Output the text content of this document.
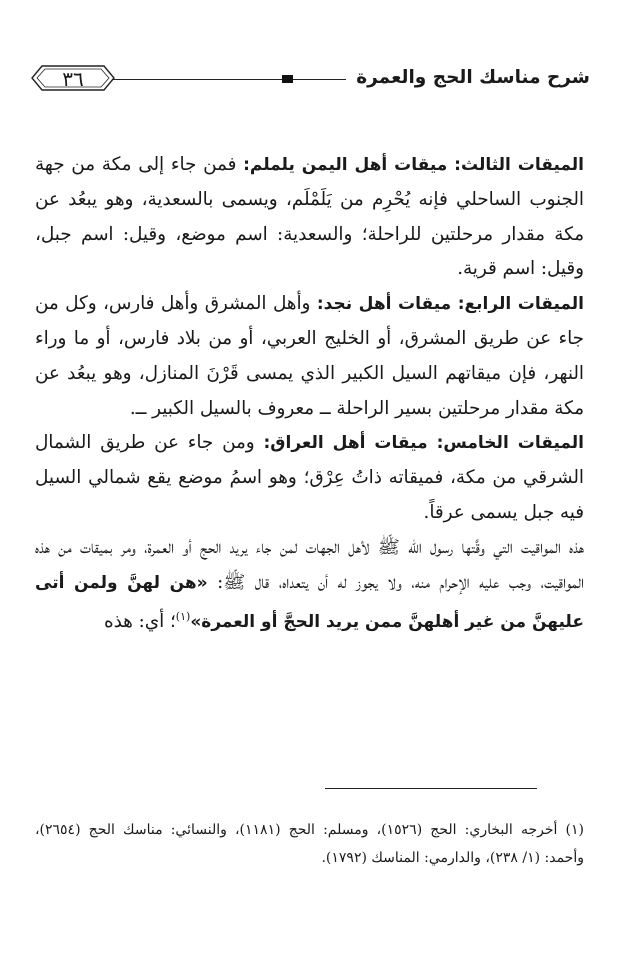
٣٦	شرح مناسك الحج والعمرة

الميقات الثالث: ميقات أهل اليمن يلملم: فمن جاء إلى مكة من جهة الجنوب الساحلي فإنه يُحْرِم من يَلَمْلَم، ويسمى بالسعدية، وهو يبعُد عن مكة مقدار مرحلتين للراحلة؛ والسعدية: اسم موضع، وقيل: اسم جبل، وقيل: اسم قرية.

الميقات الرابع: ميقات أهل نجد: وأهل المشرق وأهل فارس، وكل من جاء عن طريق المشرق، أو الخليج العربي، أو من بلاد فارس، أو ما وراء النهر، فإن ميقاتهم السيل الكبير الذي يمسى قَرْنَ المنازل، وهو يبعُد عن مكة مقدار مرحلتين بسير الراحلة ــ معروف بالسيل الكبير ــ.

الميقات الخامس: ميقات أهل العراق: ومن جاء عن طريق الشمال الشرقي من مكة، فميقاته ذاتُ عِرْق؛ وهو اسمُ موضع يقع شمالي السيل فيه جبل يسمى عرقاً.

هذه المواقيت التي وقَّتها رسول الله ﷺ لأهل الجهات لمن جاء يريد الحج أو العمرة، ومر بميقات من هذه المواقيت، وجب عليه الإحرام منه، ولا يجوز له أن يتعداه، قال ﷺ: «هن لهنَّ ولمن أتى عليهنَّ من غير أهلهنَّ ممن يريد الحجَّ أو العمرة»$^{(١)}$؛ أي: هذه

(١) أخرجه البخاري: الحج (١٥٢٦)، ومسلم: الحج (١١٨١)، والنسائي: مناسك الحج (٢٦٥٤)، وأحمد: (١/ ٢٣٨)، والدارمي: المناسك (١٧٩٢).
